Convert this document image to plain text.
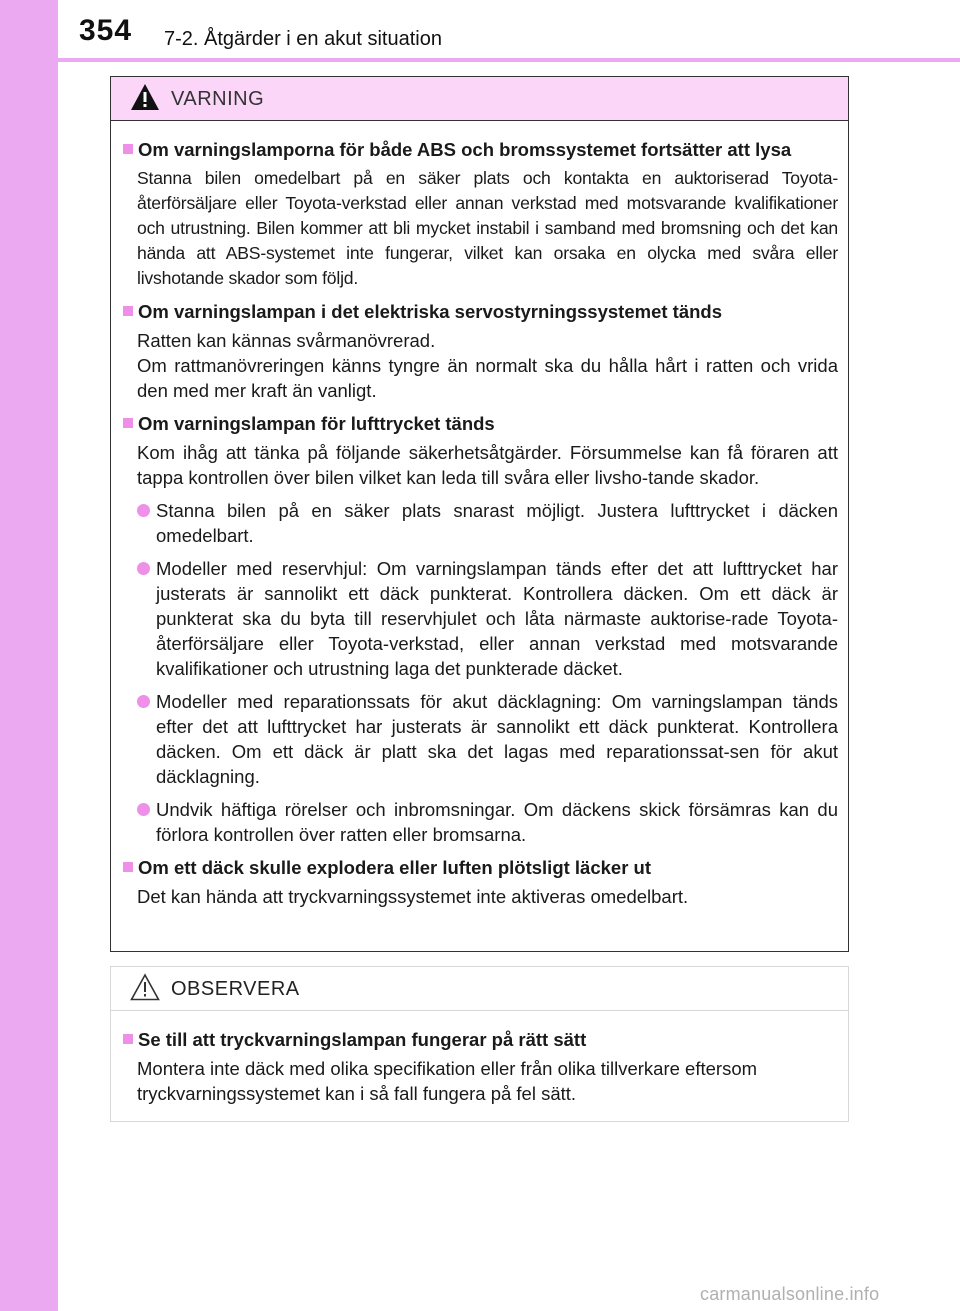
354 7-2. Åtgärder i en akut situation
VARNING
Om varningslamporna för både ABS och bromssystemet fortsätter att lysa
Stanna bilen omedelbart på en säker plats och kontakta en auktoriserad Toyota-återförsäljare eller Toyota-verkstad eller annan verkstad med motsvarande kvalifikationer och utrustning. Bilen kommer att bli mycket instabil i samband med bromsning och det kan hända att ABS-systemet inte fungerar, vilket kan orsaka en olycka med svåra eller livshotande skador som följd.
Om varningslampan i det elektriska servostyrningssystemet tänds
Ratten kan kännas svårmanövrerad.
Om rattmanövreringen känns tyngre än normalt ska du hålla hårt i ratten och vrida den med mer kraft än vanligt.
Om varningslampan för lufttrycket tänds
Kom ihåg att tänka på följande säkerhetsåtgärder. Försummelse kan få föraren att tappa kontrollen över bilen vilket kan leda till svåra eller livsho-tande skador.
Stanna bilen på en säker plats snarast möjligt. Justera lufttrycket i däcken omedelbart.
Modeller med reservhjul: Om varningslampan tänds efter det att lufttrycket har justerats är sannolikt ett däck punkterat. Kontrollera däcken. Om ett däck är punkterat ska du byta till reservhjulet och låta närmaste auktorise-rade Toyota-återförsäljare eller Toyota-verkstad, eller annan verkstad med motsvarande kvalifikationer och utrustning laga det punkterade däcket.
Modeller med reparationssats för akut däcklagning: Om varningslampan tänds efter det att lufttrycket har justerats är sannolikt ett däck punkterat. Kontrollera däcken. Om ett däck är platt ska det lagas med reparationssat-sen för akut däcklagning.
Undvik häftiga rörelser och inbromsningar. Om däckens skick försämras kan du förlora kontrollen över ratten eller bromsarna.
Om ett däck skulle explodera eller luften plötsligt läcker ut
Det kan hända att tryckvarningssystemet inte aktiveras omedelbart.
OBSERVERA
Se till att tryckvarningslampan fungerar på rätt sätt
Montera inte däck med olika specifikation eller från olika tillverkare eftersom tryckvarningssystemet kan i så fall fungera på fel sätt.
carmanualsonline.info
